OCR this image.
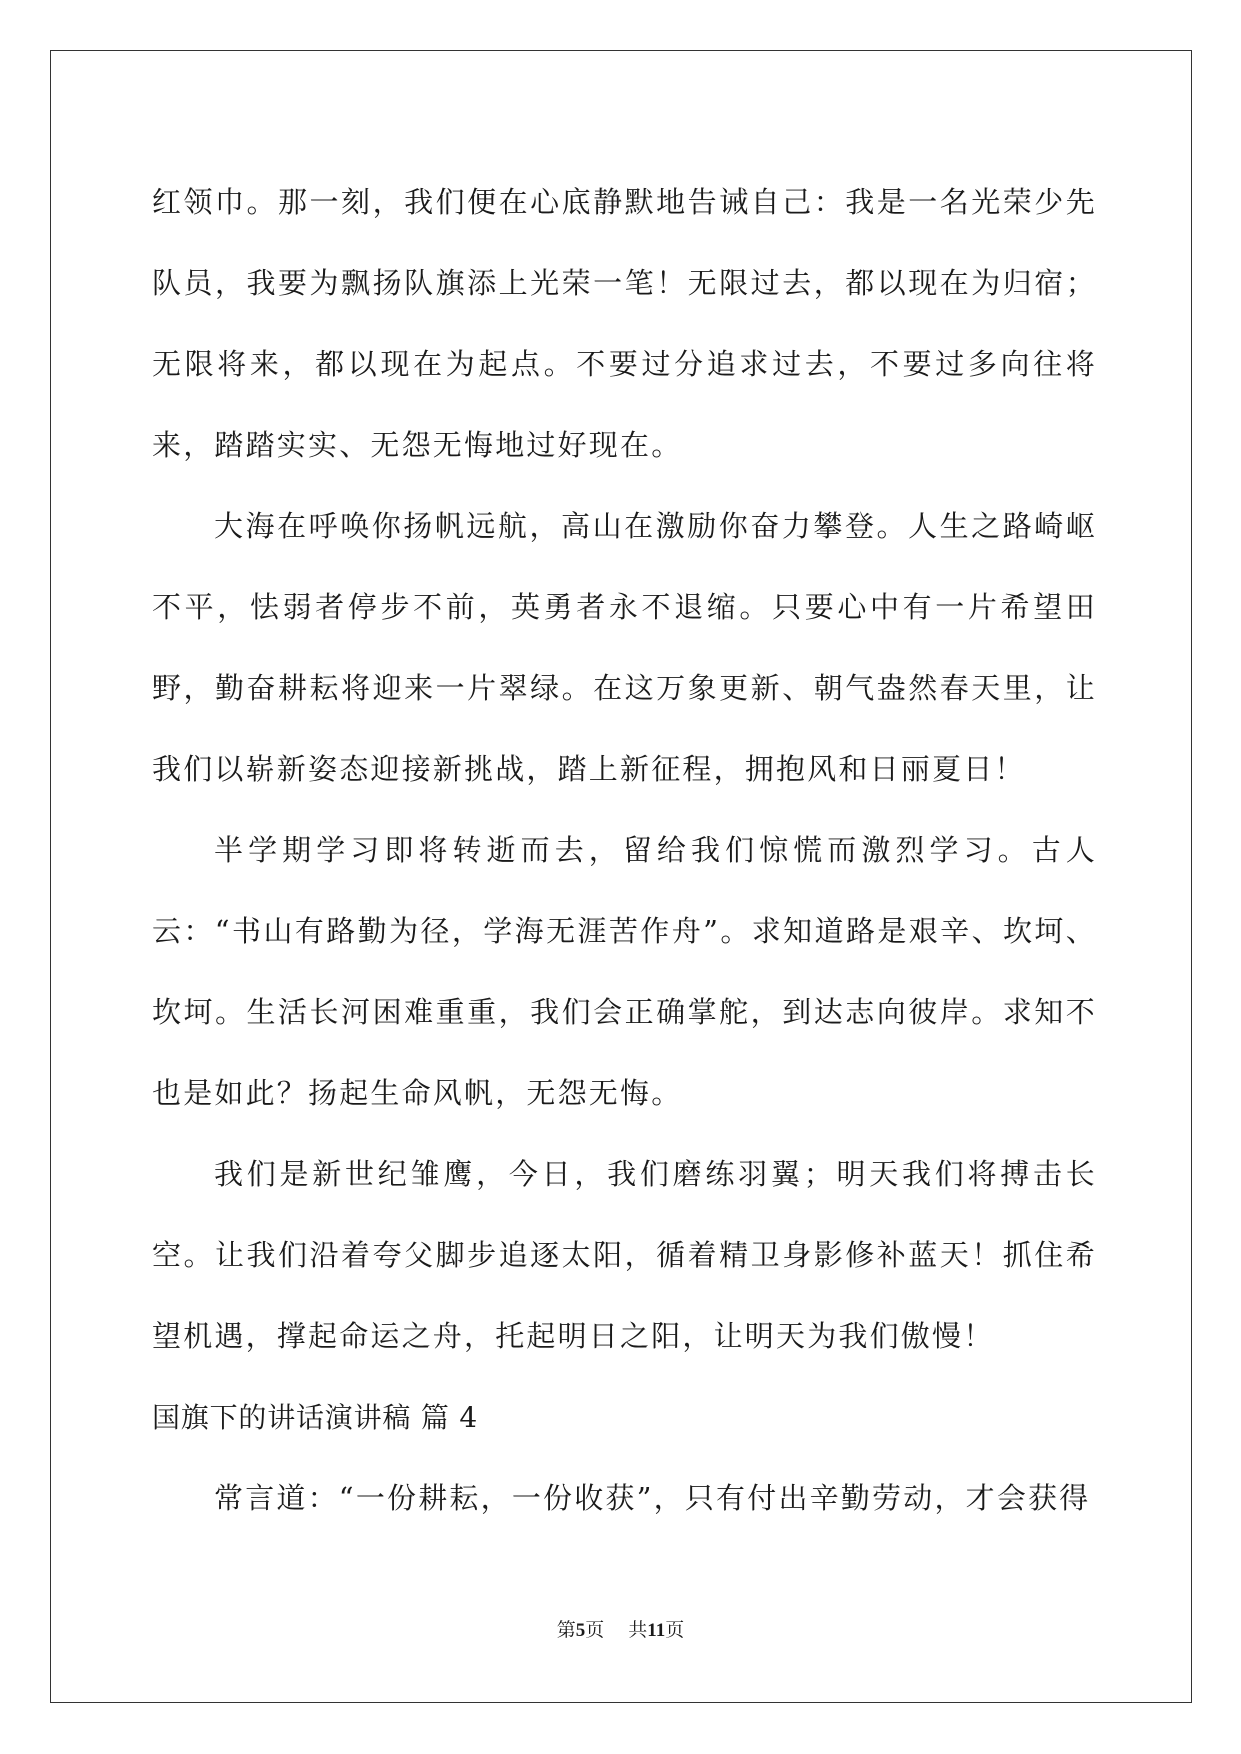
红领巾。那一刻，我们便在心底静默地告诫自己：我是一名光荣少先队员，我要为飘扬队旗添上光荣一笔！无限过去，都以现在为归宿；无限将来，都以现在为起点。不要过分追求过去，不要过多向往将来，踏踏实实、无怨无悔地过好现在。

大海在呼唤你扬帆远航，高山在激励你奋力攀登。人生之路崎岖不平，怯弱者停步不前，英勇者永不退缩。只要心中有一片希望田野，勤奋耕耘将迎来一片翠绿。在这万象更新、朝气盎然春天里，让我们以崭新姿态迎接新挑战，踏上新征程，拥抱风和日丽夏日！

半学期学习即将转逝而去，留给我们惊慌而激烈学习。古人云：“书山有路勤为径，学海无涯苦作舟”。求知道路是艰辛、坎坷、坎坷。生活长河困难重重，我们会正确掌舵，到达志向彼岸。求知不也是如此？扬起生命风帆，无怨无悔。

我们是新世纪雏鹰，今日，我们磨练羽翼；明天我们将搏击长空。让我们沿着夸父脚步追逐太阳，循着精卫身影修补蓝天！抓住希望机遇，撑起命运之舟，托起明日之阳，让明天为我们傲慢！

国旗下的讲话演讲稿 篇 4

常言道：“一份耕耘，一份收获”，只有付出辛勤劳动，才会获得

第5页 共11页
